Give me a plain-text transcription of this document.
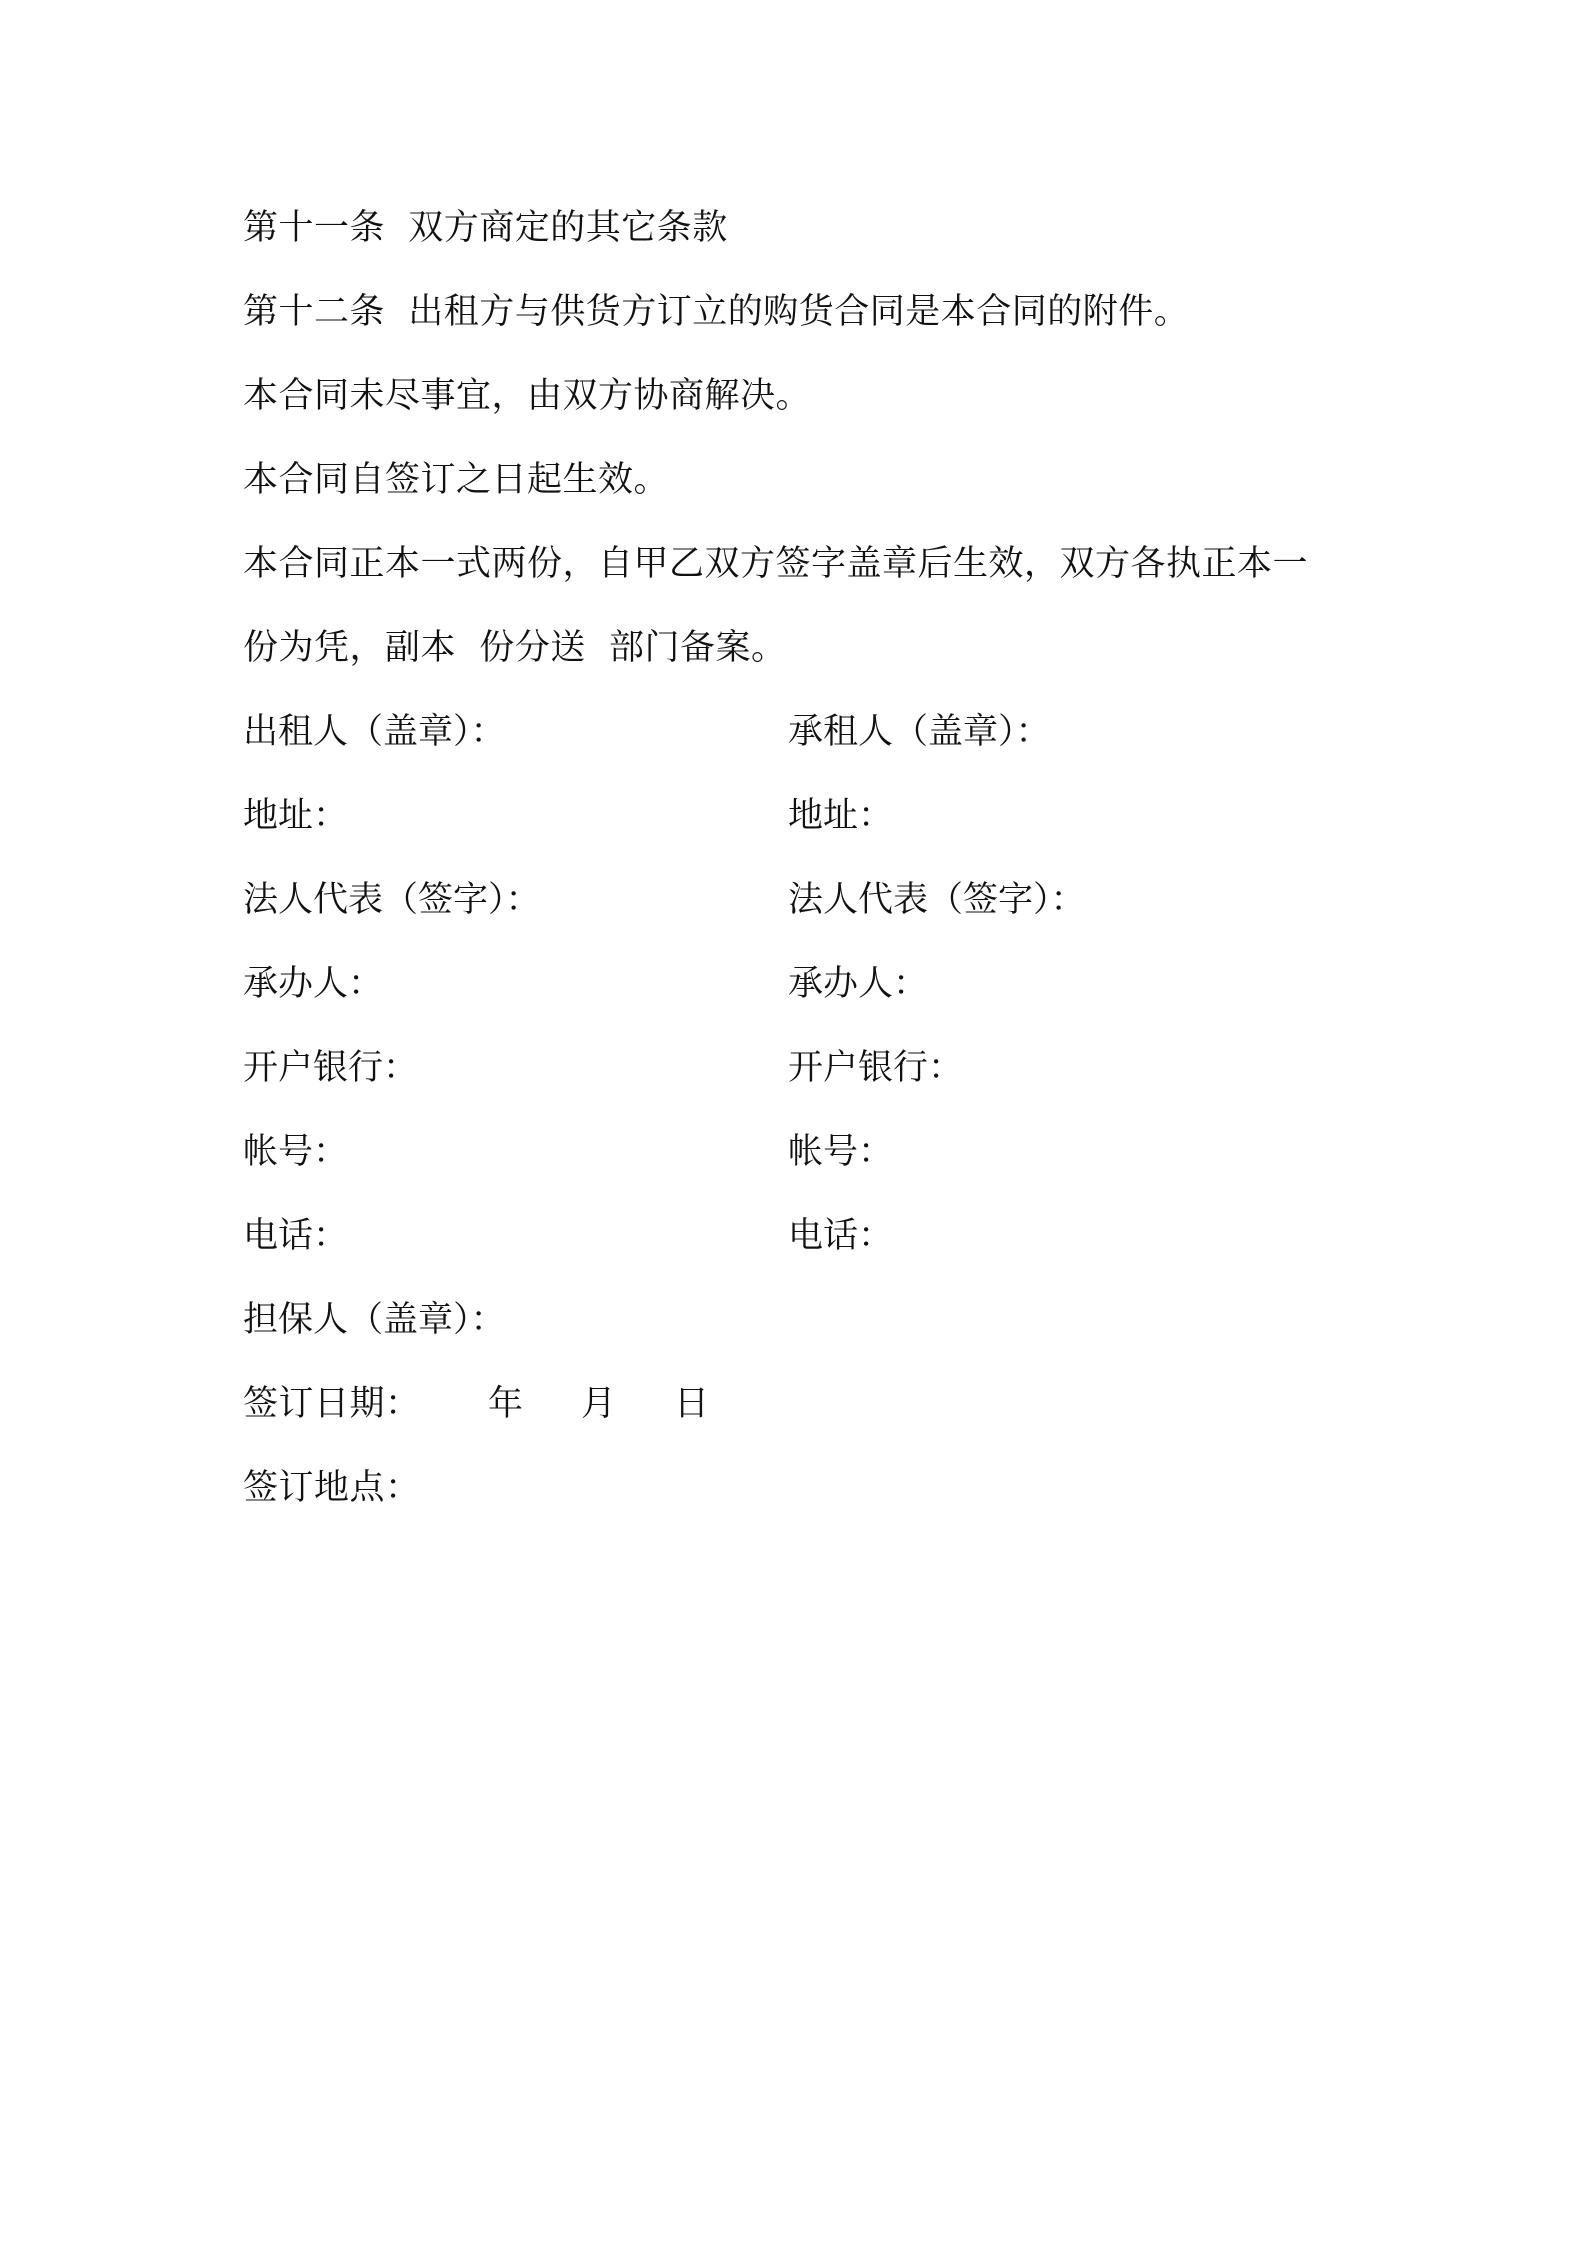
第十一条  双方商定的其它条款
第十二条  出租方与供货方订立的购货合同是本合同的附件。
本合同未尽事宜，由双方协商解决。
本合同自签订之日起生效。
本合同正本一式两份，自甲乙双方签字盖章后生效，双方各执正本一
份为凭，副本  份分送  部门备案。
出租人（盖章）：	承租人（盖章）：
地址：	地址：
法人代表（签字）：	法人代表（签字）：
承办人：	承办人：
开户银行：	开户银行：
帐号：	帐号：
电话：	电话：
担保人（盖章）：
签订日期： 年 月 日
签订地点：
